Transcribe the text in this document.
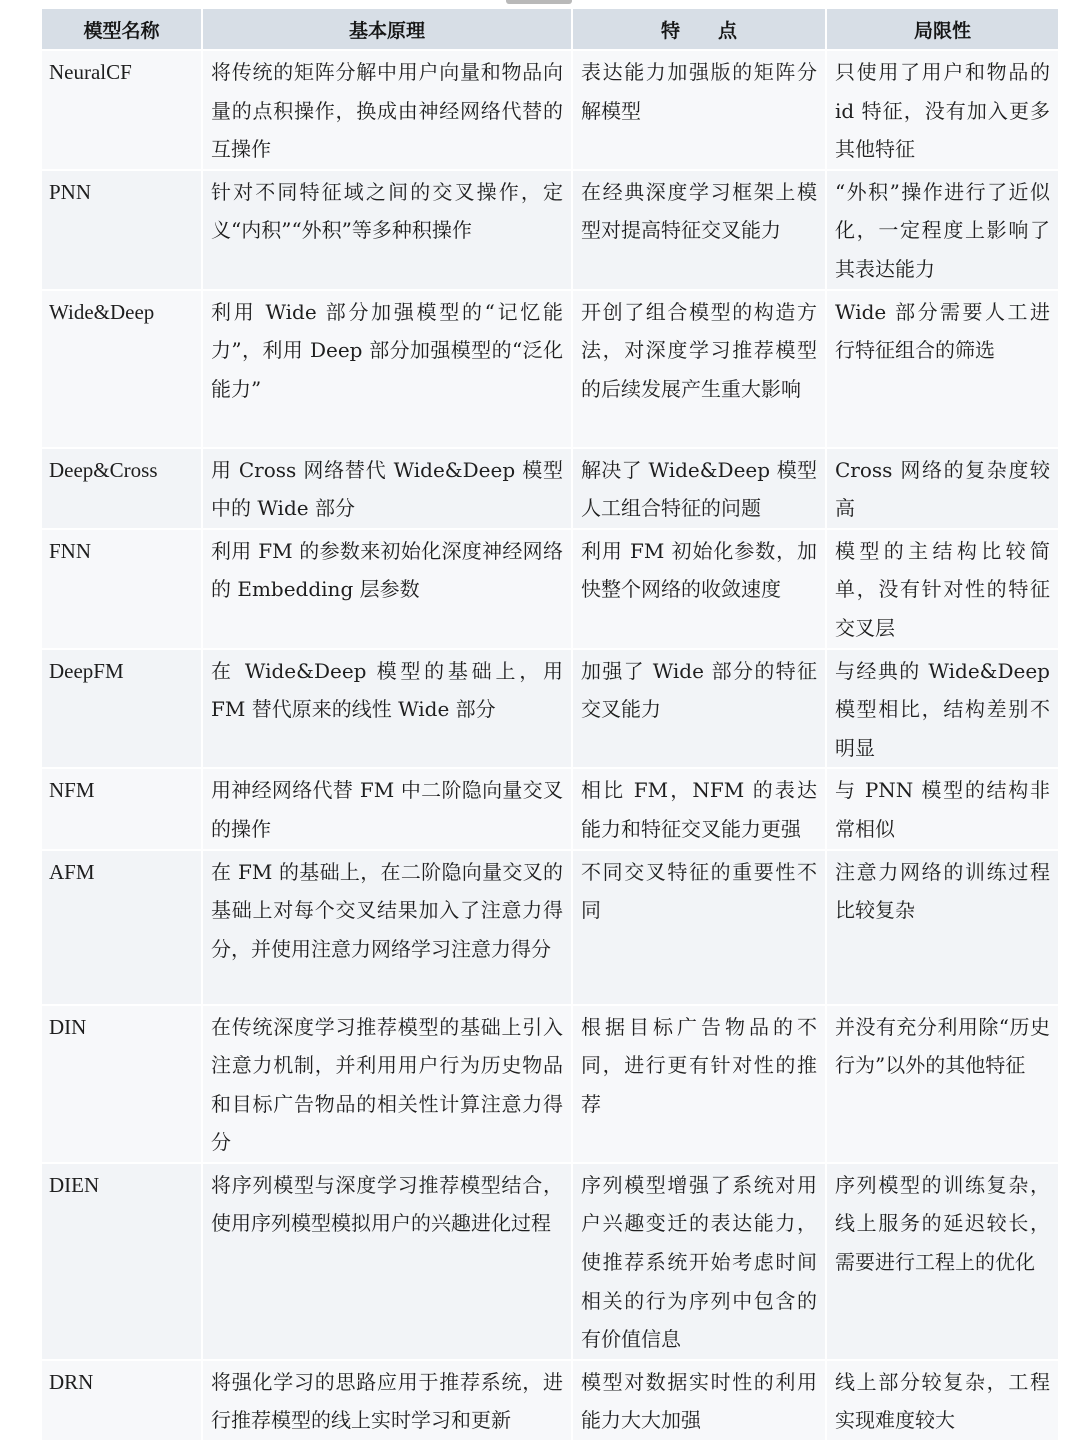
模型名称	基本原理	特　　点	局限性
NeuralCF	将传统的矩阵分解中用户向量和物品向量的点积操作，换成由神经网络代替的互操作	表达能力加强版的矩阵分解模型	只使用了用户和物品的 id 特征，没有加入更多其他特征
PNN	针对不同特征域之间的交叉操作，定义“内积”“外积”等多种积操作	在经典深度学习框架上模型对提高特征交叉能力	“外积”操作进行了近似化，一定程度上影响了其表达能力
Wide&Deep	利用 Wide 部分加强模型的“记忆能力”，利用 Deep 部分加强模型的“泛化能力”	开创了组合模型的构造方法，对深度学习推荐模型的后续发展产生重大影响	Wide 部分需要人工进行特征组合的筛选
Deep&Cross	用 Cross 网络替代 Wide&Deep 模型中的 Wide 部分	解决了 Wide&Deep 模型人工组合特征的问题	Cross 网络的复杂度较高
FNN	利用 FM 的参数来初始化深度神经网络的 Embedding 层参数	利用 FM 初始化参数，加快整个网络的收敛速度	模型的主结构比较简单，没有针对性的特征交叉层
DeepFM	在 Wide&Deep 模型的基础上，用 FM 替代原来的线性 Wide 部分	加强了 Wide 部分的特征交叉能力	与经典的 Wide&Deep 模型相比，结构差别不明显
NFM	用神经网络代替 FM 中二阶隐向量交叉的操作	相比 FM，NFM 的表达能力和特征交叉能力更强	与 PNN 模型的结构非常相似
AFM	在 FM 的基础上，在二阶隐向量交叉的基础上对每个交叉结果加入了注意力得分，并使用注意力网络学习注意力得分	不同交叉特征的重要性不同	注意力网络的训练过程比较复杂
DIN	在传统深度学习推荐模型的基础上引入注意力机制，并利用用户行为历史物品和目标广告物品的相关性计算注意力得分	根据目标广告物品的不同，进行更有针对性的推荐	并没有充分利用除“历史行为”以外的其他特征
DIEN	将序列模型与深度学习推荐模型结合，使用序列模型模拟用户的兴趣进化过程	序列模型增强了系统对用户兴趣变迁的表达能力，使推荐系统开始考虑时间相关的行为序列中包含的有价值信息	序列模型的训练复杂，线上服务的延迟较长，需要进行工程上的优化
DRN	将强化学习的思路应用于推荐系统，进行推荐模型的线上实时学习和更新	模型对数据实时性的利用能力大大加强	线上部分较复杂，工程实现难度较大
